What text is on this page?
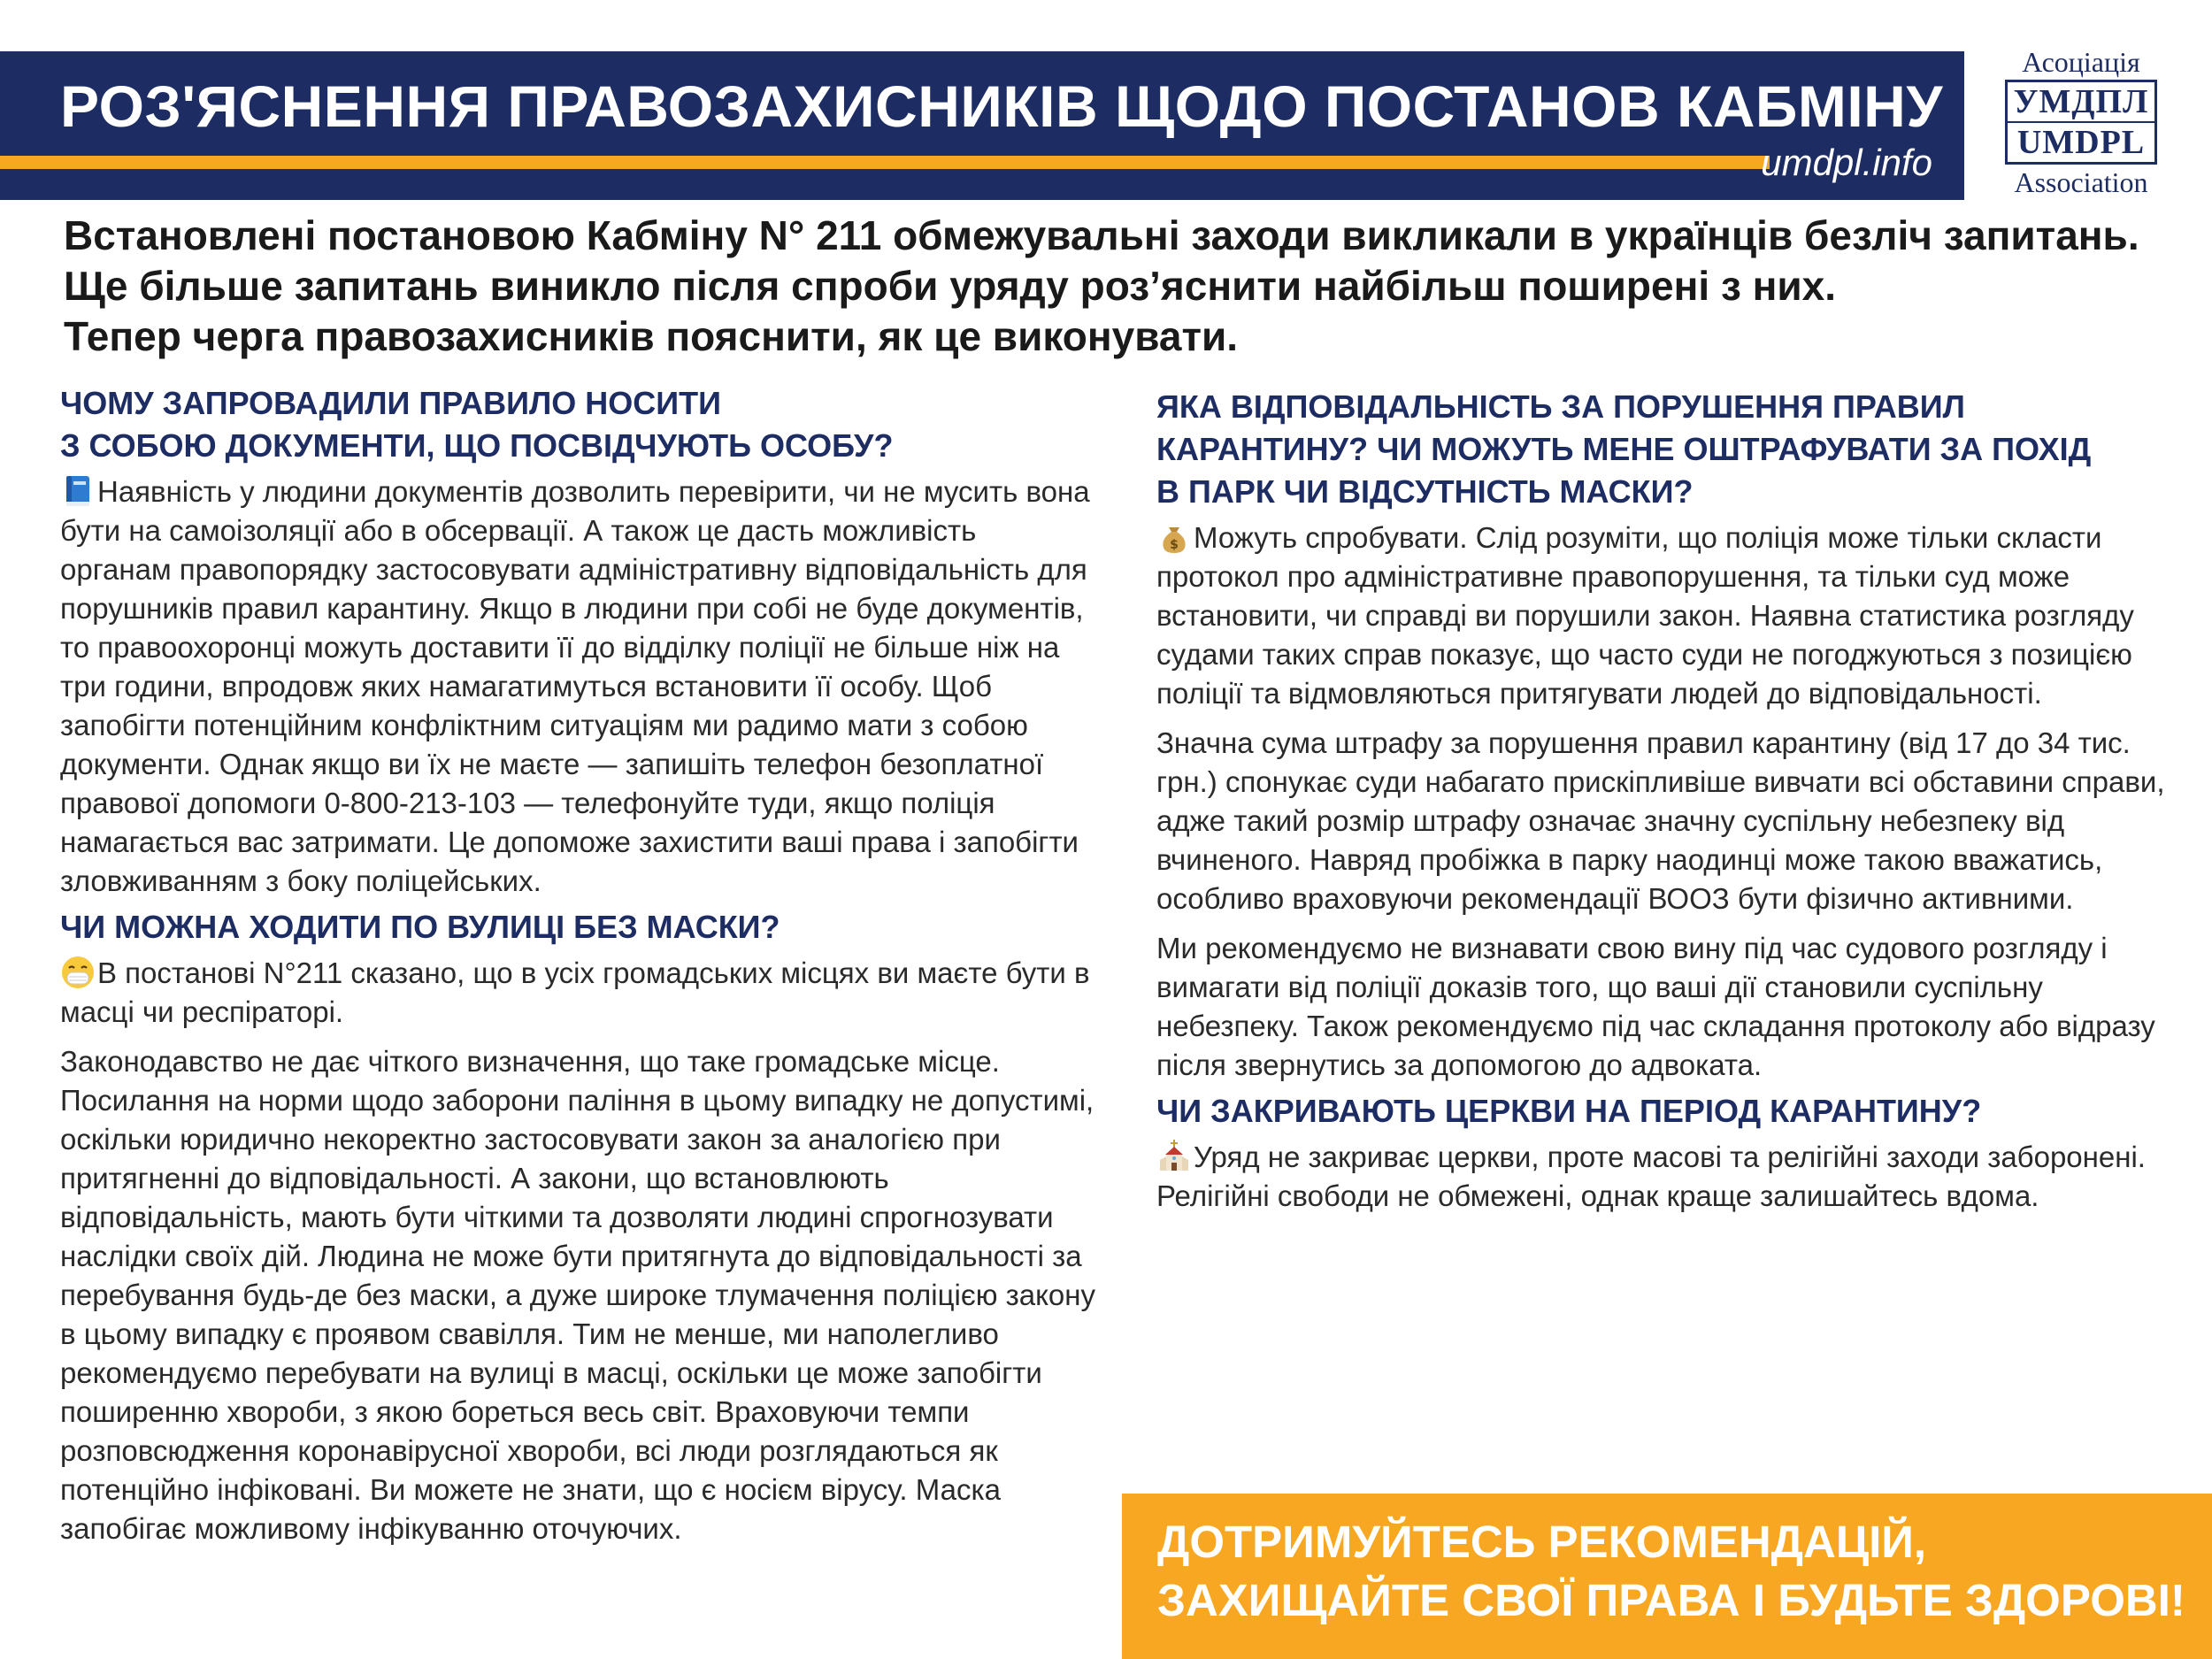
РОЗ'ЯСНЕННЯ ПРАВОЗАХИСНИКІВ ЩОДО ПОСТАНОВ КАБМІНУ
umdpl.info
Асоціація
УМДПЛ
UMDPL
Association

Встановлені постановою Кабміну N° 211 обмежувальні заходи викликали в українців безліч запитань.

Ще більше запитань виникло після спроби уряду роз’яснити найбільш поширені з них.

Тепер черга правозахисників пояснити, як це виконувати.

ЧОМУ ЗАПРОВАДИЛИ ПРАВИЛО НОСИТИ
З СОБОЮ ДОКУМЕНТИ, ЩО ПОСВІДЧУЮТЬ ОСОБУ?

Наявність у людини документів дозволить перевірити, чи не мусить вона бути на самоізоляції або в обсервації. А також це дасть можливість органам правопорядку застосовувати адміністративну відповідальність для порушників правил карантину. Якщо в людини при собі не буде документів, то правоохоронці можуть доставити її до відділку поліції не більше ніж на три години, впродовж яких намагатимуться встановити її особу. Щоб запобігти потенційним конфліктним ситуаціям ми радимо мати з собою документи. Однак якщо ви їх не маєте — запишіть телефон безоплатної правової допомоги 0-800-213-103 — телефонуйте туди, якщо поліція намагається вас затримати. Це допоможе захистити ваші права і запобігти зловживанням з боку поліцейських.

ЧИ МОЖНА ХОДИТИ ПО ВУЛИЦІ БЕЗ МАСКИ?

В постанові N°211 сказано, що в усіх громадських місцях ви маєте бути в масці чи респіраторі.

Законодавство не дає чіткого визначення, що таке громадське місце. Посилання на норми щодо заборони паління в цьому випадку не допустимі, оскільки юридично некоректно застосовувати закон за аналогією при притягненні до відповідальності. А закони, що встановлюють відповідальність, мають бути чіткими та дозволяти людині спрогнозувати наслідки своїх дій. Людина не може бути притягнута до відповідальності за перебування будь-де без маски, а дуже широке тлумачення поліцією закону в цьому випадку є проявом свавілля. Тим не менше, ми наполегливо рекомендуємо перебувати на вулиці в масці, оскільки це може запобігти поширенню хвороби, з якою бореться весь світ. Враховуючи темпи розповсюдження коронавірусної хвороби, всі люди розглядаються як потенційно інфіковані. Ви можете не знати, що є носієм вірусу. Маска запобігає можливому інфікуванню оточуючих.

ЯКА ВІДПОВІДАЛЬНІСТЬ ЗА ПОРУШЕННЯ ПРАВИЛ
КАРАНТИНУ? ЧИ МОЖУТЬ МЕНЕ ОШТРАФУВАТИ ЗА ПОХІД
В ПАРК ЧИ ВІДСУТНІСТЬ МАСКИ?

$ Можуть спробувати. Слід розуміти, що поліція може тільки скласти протокол про адміністративне правопорушення, та тільки суд може встановити, чи справді ви порушили закон. Наявна статистика розгляду судами таких справ показує, що часто суди не погоджуються з позицією поліції та відмовляються притягувати людей до відповідальності.

Значна сума штрафу за порушення правил карантину (від 17 до 34 тис. грн.) спонукає суди набагато прискіпливіше вивчати всі обставини справи, адже такий розмір штрафу означає значну суспільну небезпеку від вчиненого. Навряд пробіжка в парку наодинці може такою вважатись, особливо враховуючи рекомендації ВООЗ бути фізично активними.

Ми рекомендуємо не визнавати свою вину під час судового розгляду і вимагати від поліції доказів того, що ваші дії становили суспільну небезпеку. Також рекомендуємо під час складання протоколу або відразу після звернутись за допомогою до адвоката.

ЧИ ЗАКРИВАЮТЬ ЦЕРКВИ НА ПЕРІОД КАРАНТИНУ?

Уряд не закриває церкви, проте масові та релігійні заходи заборонені. Релігійні свободи не обмежені, однак краще залишайтесь вдома.

ДОТРИМУЙТЕСЬ РЕКОМЕНДАЦІЙ,
ЗАХИЩАЙТЕ СВОЇ ПРАВА І БУДЬТЕ ЗДОРОВІ!
